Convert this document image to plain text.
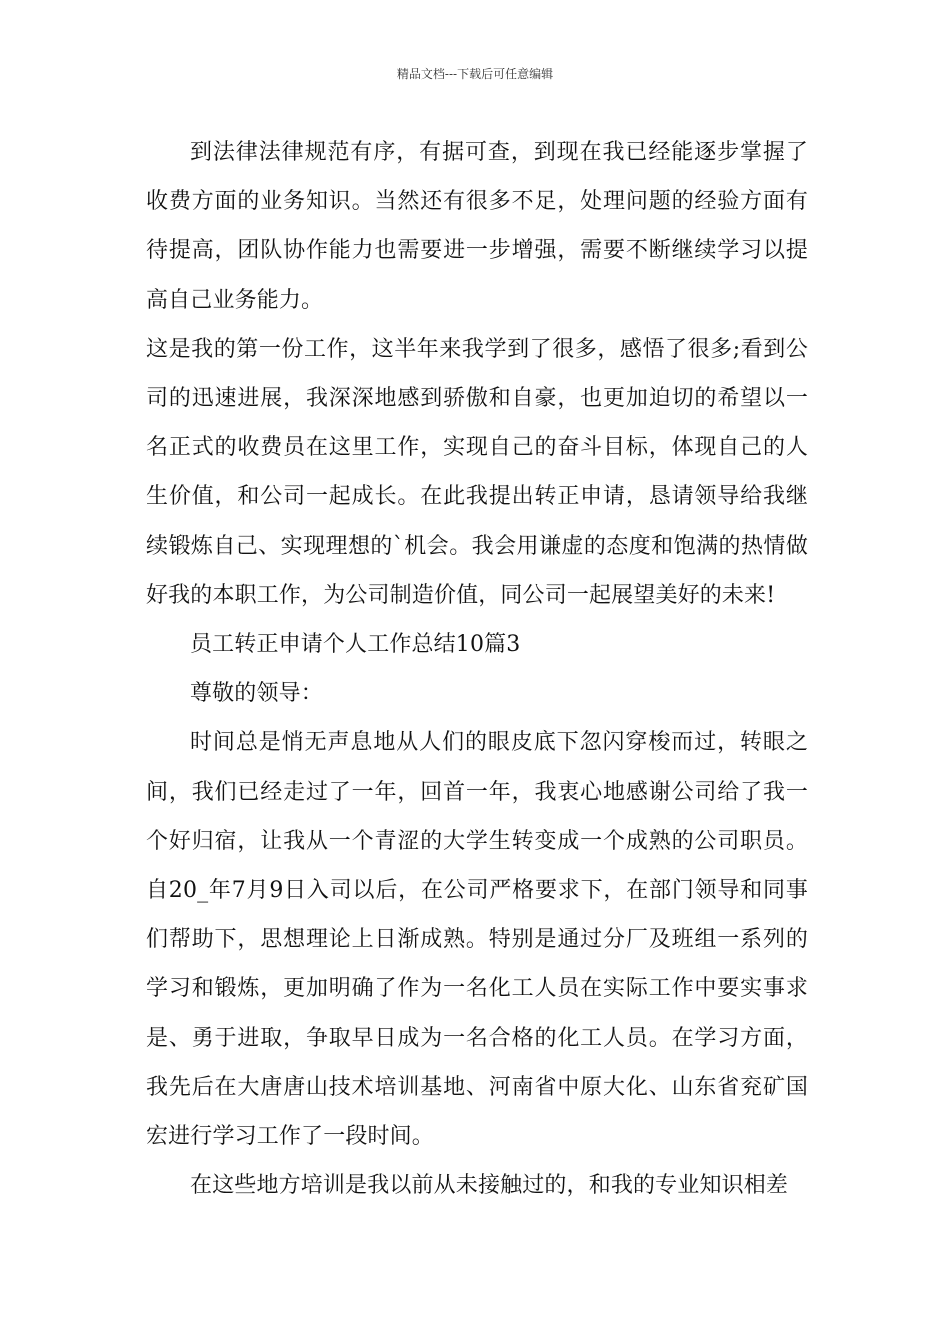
精品文档---下载后可任意编辑

到法律法律规范有序，有据可查，到现在我已经能逐步掌握了收费方面的业务知识。当然还有很多不足，处理问题的经验方面有待提高，团队协作能力也需要进一步增强，需要不断继续学习以提高自己业务能力。

这是我的第一份工作，这半年来我学到了很多，感悟了很多;看到公司的迅速进展，我深深地感到骄傲和自豪，也更加迫切的希望以一名正式的收费员在这里工作，实现自己的奋斗目标，体现自己的人生价值，和公司一起成长。在此我提出转正申请，恳请领导给我继续锻炼自己、实现理想的`机会。我会用谦虚的态度和饱满的热情做好我的本职工作，为公司制造价值，同公司一起展望美好的未来!

员工转正申请个人工作总结10篇3

尊敬的领导：

时间总是悄无声息地从人们的眼皮底下忽闪穿梭而过，转眼之间，我们已经走过了一年，回首一年，我衷心地感谢公司给了我一个好归宿，让我从一个青涩的大学生转变成一个成熟的公司职员。自20_年7月9日入司以后，在公司严格要求下，在部门领导和同事们帮助下，思想理论上日渐成熟。特别是通过分厂及班组一系列的学习和锻炼，更加明确了作为一名化工人员在实际工作中要实事求是、勇于进取，争取早日成为一名合格的化工人员。在学习方面，我先后在大唐唐山技术培训基地、河南省中原大化、山东省兖矿国宏进行学习工作了一段时间。

在这些地方培训是我以前从未接触过的，和我的专业知识相差
